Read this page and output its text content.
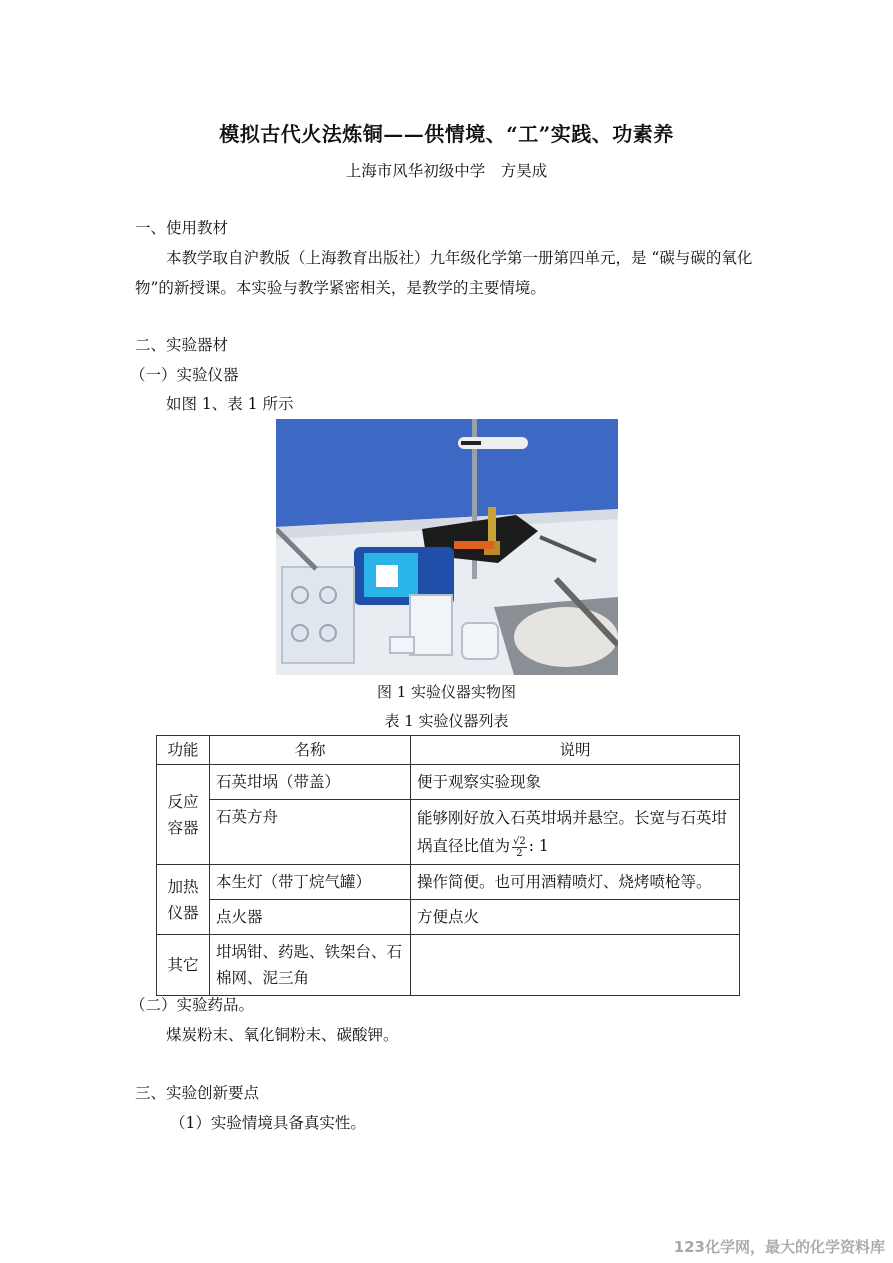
模拟古代火法炼铜——供情境、“工”实践、功素养
上海市风华初级中学　方昊成
一、使用教材
本教学取自沪教版（上海教育出版社）九年级化学第一册第四单元，是 “碳与碳的氧化
物”的新授课。本实验与教学紧密相关，是教学的主要情境。
二、实验器材
（一）实验仪器
如图 1、表 1 所示
图 1 实验仪器实物图
表 1 实验仪器列表
功能	名称	说明
反应容器	石英坩埚（带盖）	便于观察实验现象
	石英方舟	能够刚好放入石英坩埚并悬空。长宽与石英坩
埚直径比值为 $\frac{√2}{2}$ : 1
加热仪器	本生灯（带丁烷气罐）	操作简便。也可用酒精喷灯、烧烤喷枪等。
	点火器	方便点火
其它	坩埚钳、药匙、铁架台、石棉网、泥三角	
（二）实验药品。
煤炭粉末、氧化铜粉末、碳酸钾。
三、实验创新要点
（1）实验情境具备真实性。
123化学网，最大的化学资料库
